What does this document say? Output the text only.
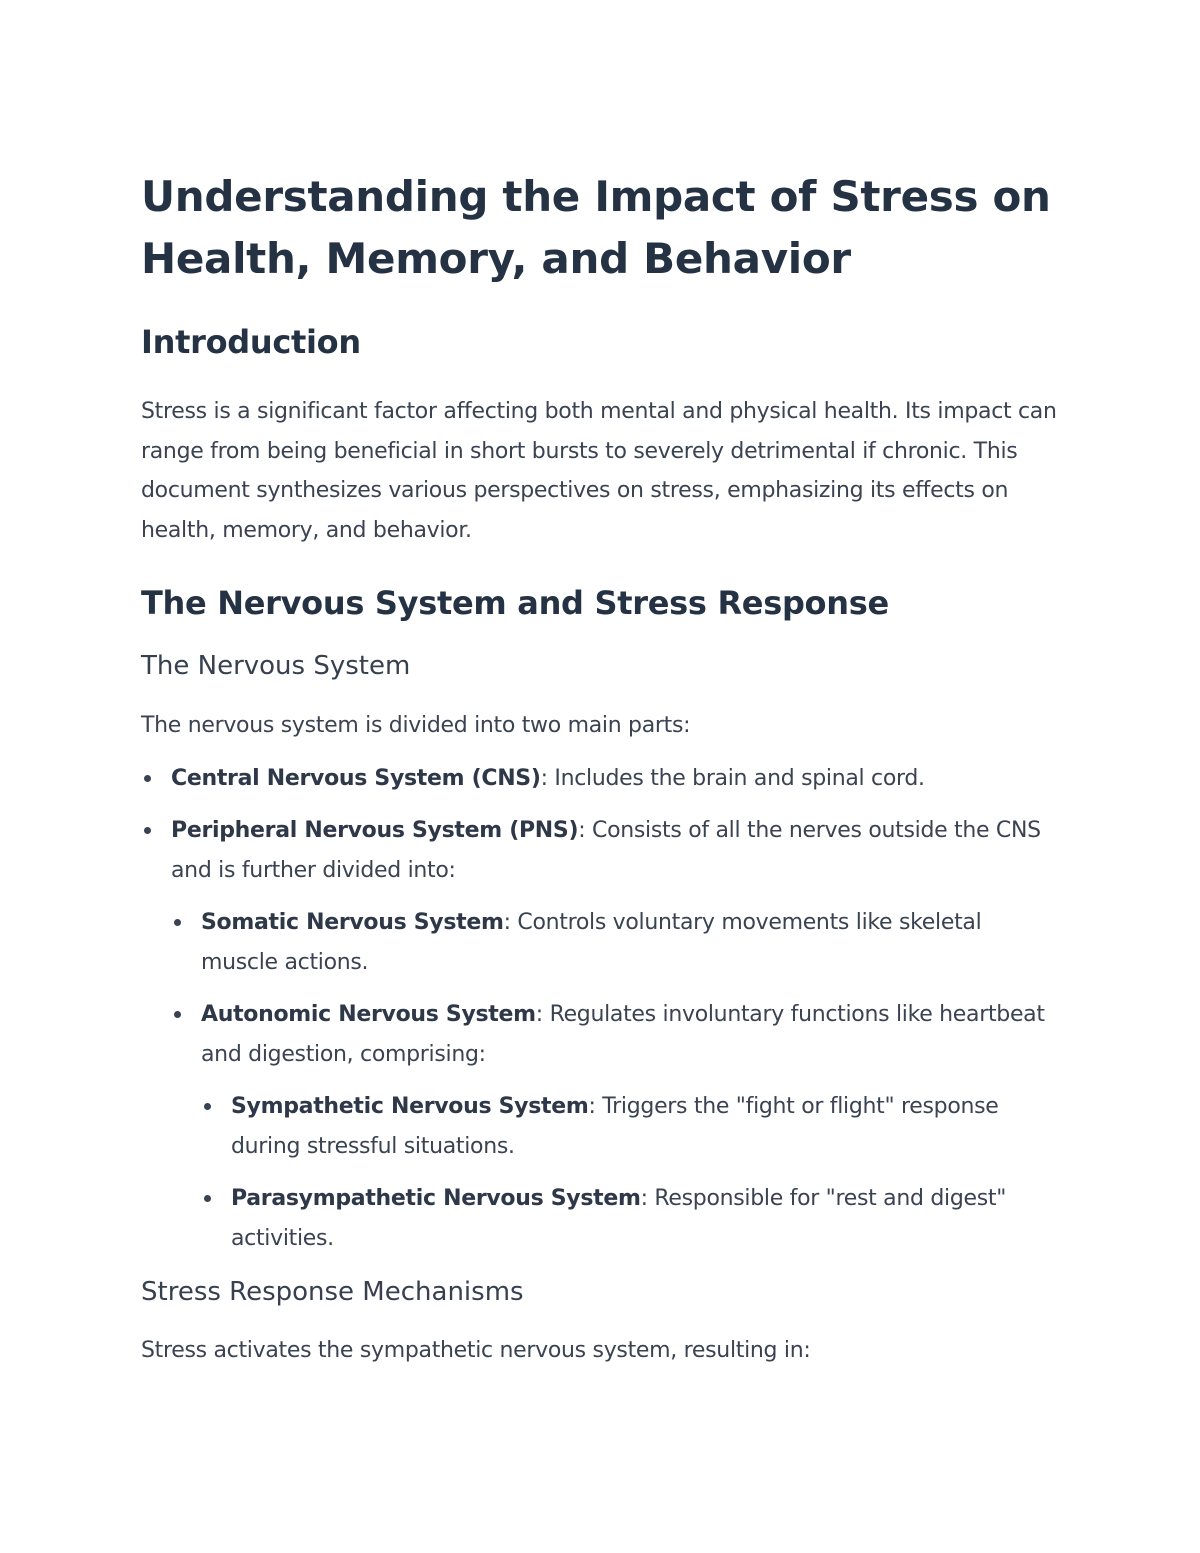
Understanding the Impact of Stress on Health, Memory, and Behavior
Introduction

Stress is a significant factor affecting both mental and physical health. Its impact can range from being beneficial in short bursts to severely detrimental if chronic. This document synthesizes various perspectives on stress, emphasizing its effects on health, memory, and behavior.

The Nervous System and Stress Response
The Nervous System

The nervous system is divided into two main parts:

Central Nervous System (CNS): Includes the brain and spinal cord.
Peripheral Nervous System (PNS): Consists of all the nerves outside the CNS and is further divided into:
Somatic Nervous System: Controls voluntary movements like skeletal muscle actions.
Autonomic Nervous System: Regulates involuntary functions like heartbeat and digestion, comprising:
Sympathetic Nervous System: Triggers the "fight or flight" response during stressful situations.
Parasympathetic Nervous System: Responsible for "rest and digest" activities.
Stress Response Mechanisms

Stress activates the sympathetic nervous system, resulting in:
